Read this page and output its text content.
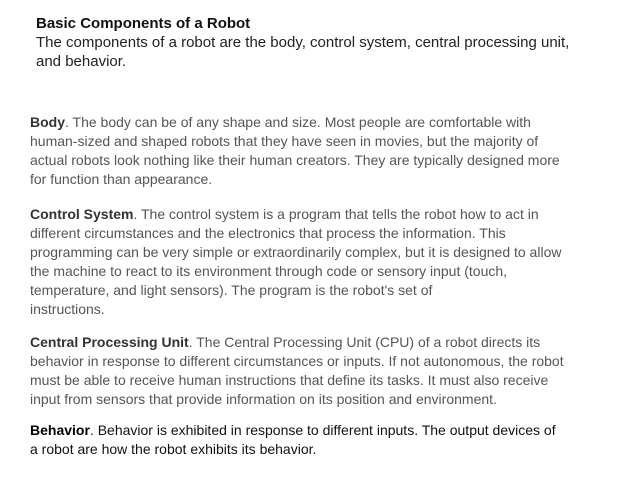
Basic Components of a Robot
The components of a robot are the body, control system, central processing unit,
and behavior.
Body. The body can be of any shape and size. Most people are comfortable with
human-sized and shaped robots that they have seen in movies, but the majority of
actual robots look nothing like their human creators. They are typically designed more
for function than appearance.
Control System. The control system is a program that tells the robot how to act in
different circumstances and the electronics that process the information. This
programming can be very simple or extraordinarily complex, but it is designed to allow
the machine to react to its environment through code or sensory input (touch,
temperature, and light sensors). The program is the robot's set of
instructions.
Central Processing Unit. The Central Processing Unit (CPU) of a robot directs its
behavior in response to different circumstances or inputs. If not autonomous, the robot
must be able to receive human instructions that define its tasks. It must also receive
input from sensors that provide information on its position and environment.
Behavior. Behavior is exhibited in response to different inputs. The output devices of
a robot are how the robot exhibits its behavior.
